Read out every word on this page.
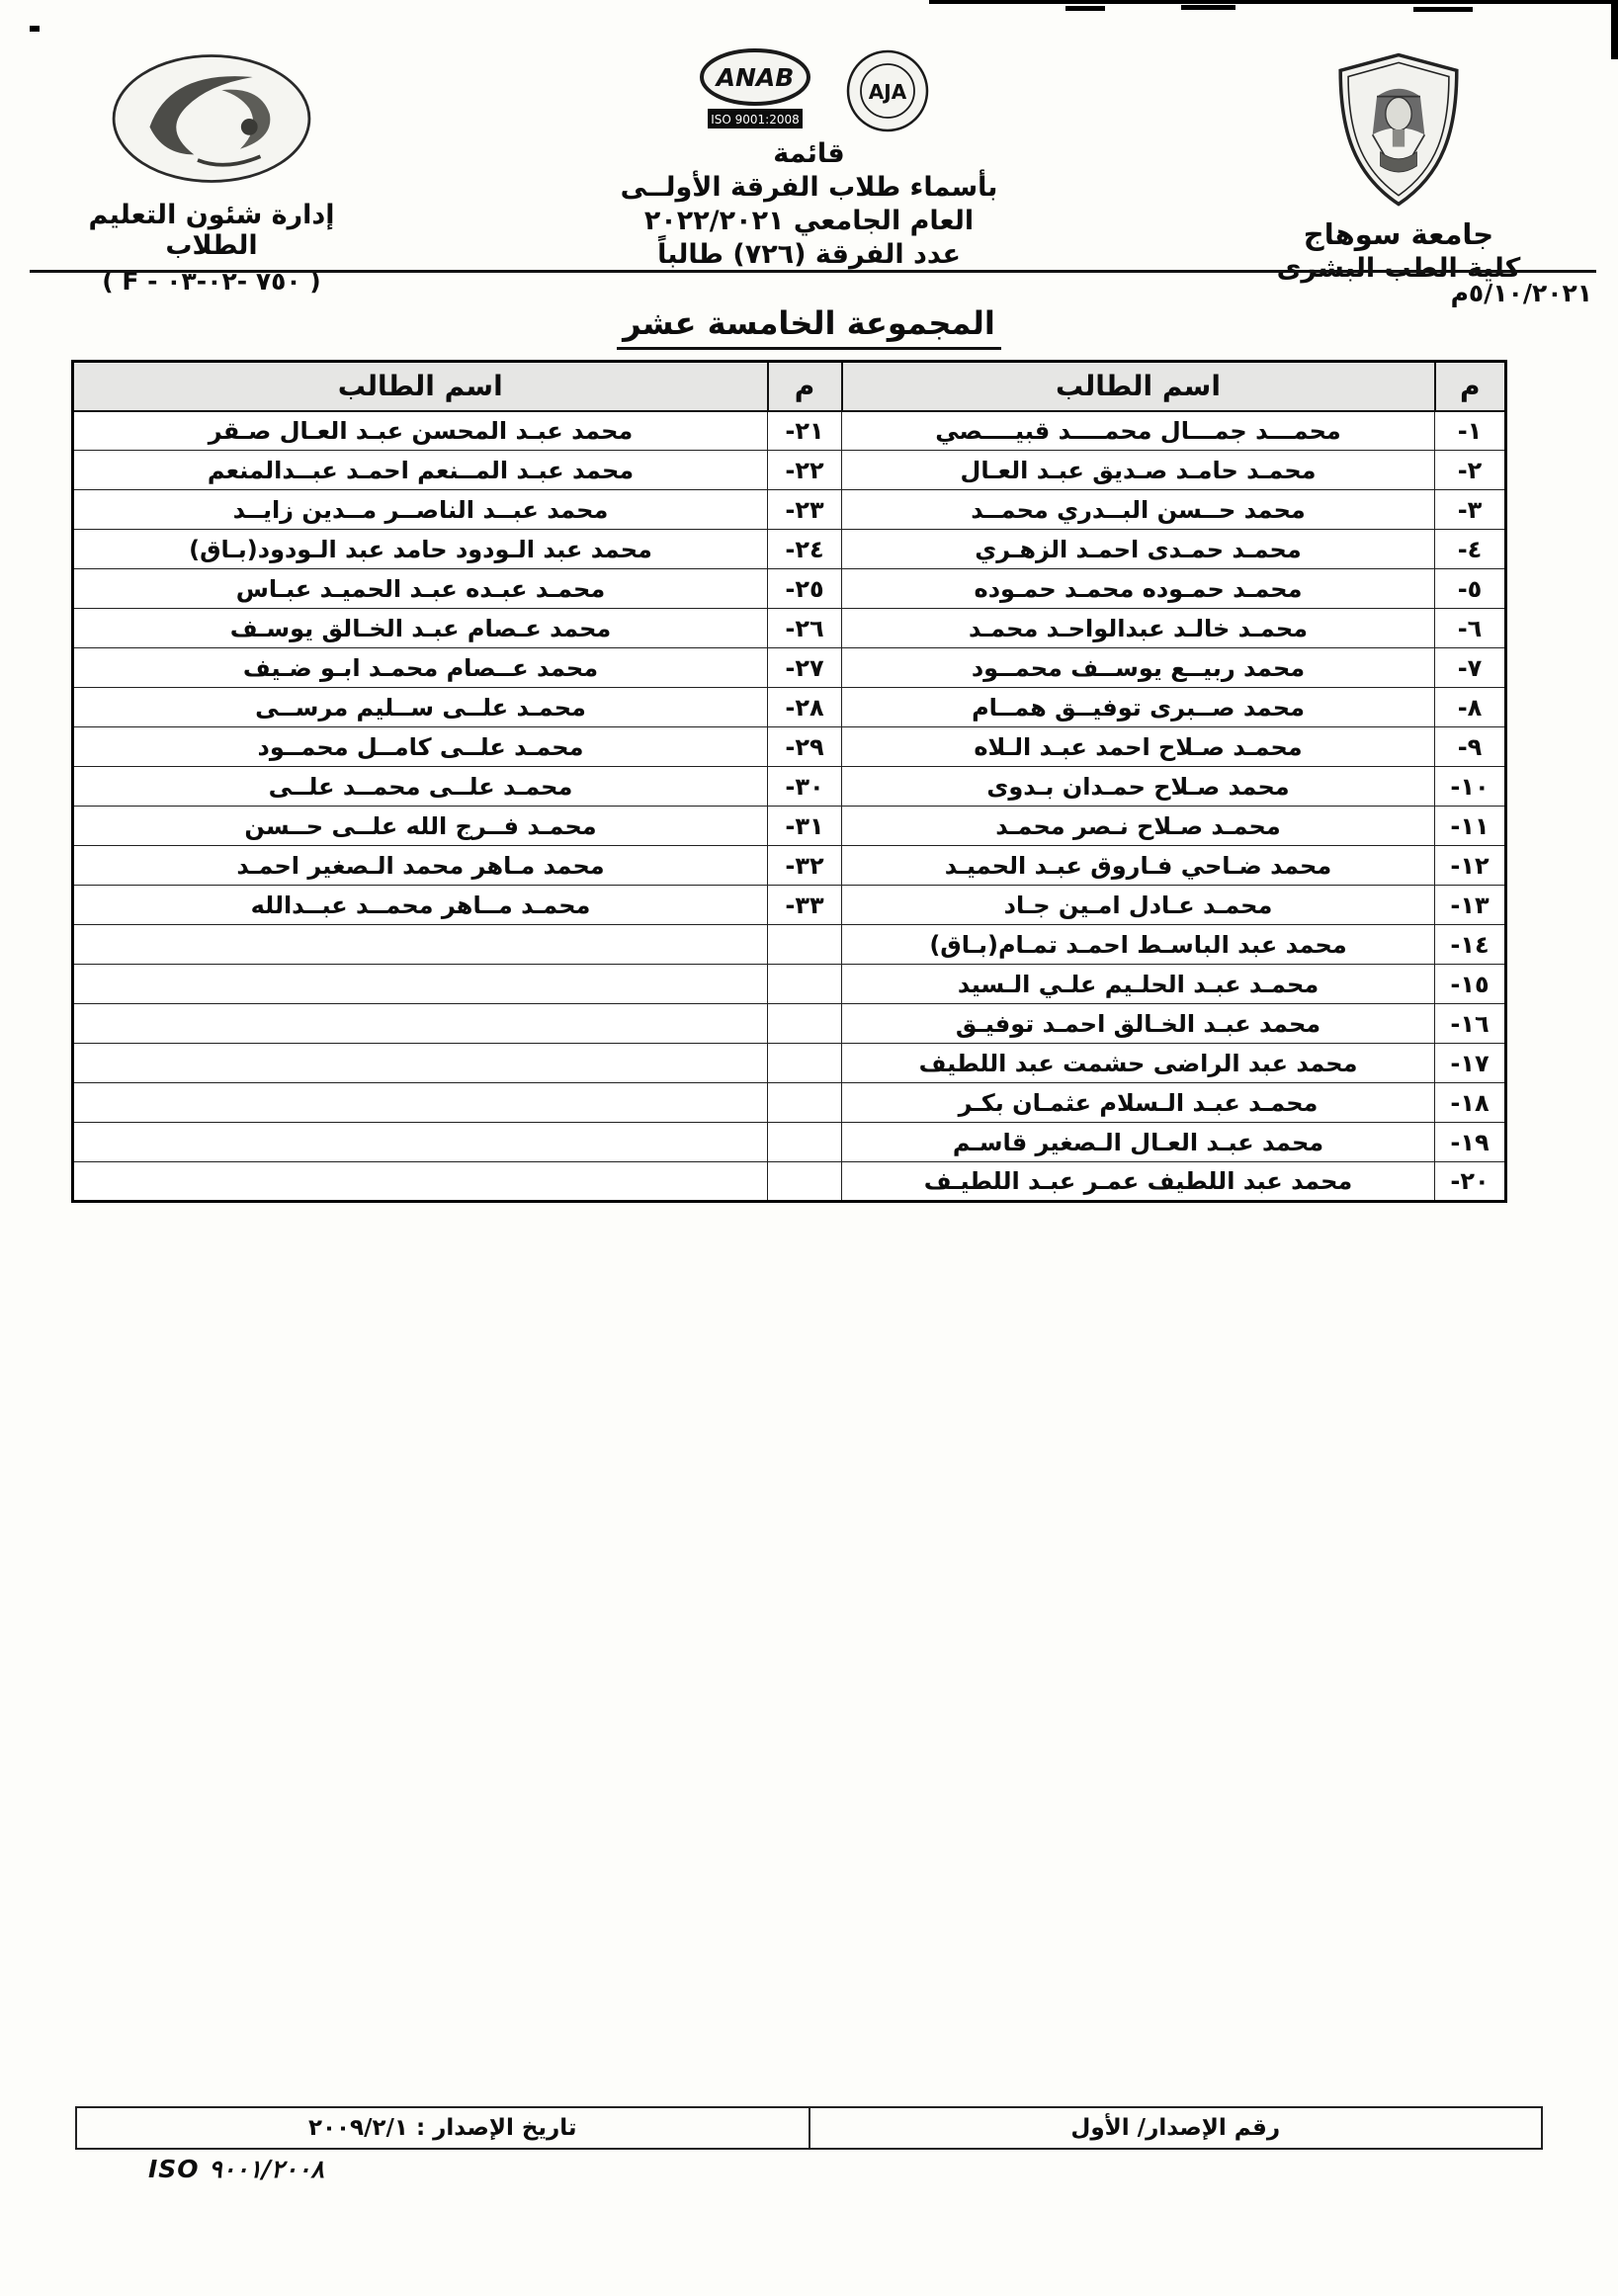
جامعة سوهاج
كلية الطب البشرى
ANAB
ISO 9001:2008
AJA
قائمة
بأسماء طلاب الفرقة الأولــى
العام الجامعي ٢٠٢٢/٢٠٢١
عدد الفرقة (٧٢٦) طالباً
إدارة شئون التعليم الطلاب
( F - ٧٥٠ -٠٢-٠٣ )	٥/١٠/٢٠٢١م
المجموعة الخامسة عشر
م	اسم الطالب	م	اسم الطالب
١-	محمـــد جمـــال محمــــد قبيــــصي	٢١-	محمد عبـد المحسن عبـد العـال صـقر
٢-	محمـد حامـد صـديق عبـد العـال	٢٢-	محمد عبـد المــنعم احمـد عبــدالمنعم
٣-	محمد حــسن البــدري محمــد	٢٣-	محمد عبــد الناصــر مــدين زايــد
٤-	محمـد حمـدى احمـد الزهـري	٢٤-	محمد عبد الـودود حامد عبد الـودود(بـاق)
٥-	محمـد حمـوده محمـد حمـوده	٢٥-	محمـد عبـده عبـد الحميـد عبـاس
٦-	محمـد خالـد عبدالواحـد محمـد	٢٦-	محمد عـصام عبـد الخـالق يوسـف
٧-	محمد ربيــع يوســف محمــود	٢٧-	محمد عــصام محمـد ابـو ضـيف
٨-	محمد صــبرى توفيــق همــام	٢٨-	محمـد علــى ســليم مرســى
٩-	محمـد صـلاح احمد عبـد الـلاه	٢٩-	محمـد علــى كامــل محمــود
١٠-	محمد صـلاح حمـدان بـدوى	٣٠-	محمـد علــى محمــد علــى
١١-	محمـد صـلاح نـصر محمـد	٣١-	محمـد فــرج الله علــى حــسن
١٢-	محمد ضـاحي فـاروق عبـد الحميـد	٣٢-	محمد مـاهر محمد الـصغير احمـد
١٣-	محمـد عـادل امـين جـاد	٣٣-	محمـد مــاهر محمــد عبــدالله
١٤-	محمد عبد الباسـط احمـد تمـام(بـاق)		
١٥-	محمـد عبـد الحلـيم علـي الـسيد		
١٦-	محمد عبـد الخـالق احمـد توفيـق		
١٧-	محمد عبد الراضى حشمت عبد اللطيف		
١٨-	محمـد عبـد الـسلام عثمـان بكـر		
١٩-	محمد عبـد العـال الـصغير قاسـم		
٢٠-	محمد عبد اللطيف عمـر عبـد اللطيـف		
رقم الإصدار/ الأول	تاريخ الإصدار : ٢٠٠٩/٢/١
ISO ٩٠٠١/٢٠٠٨
